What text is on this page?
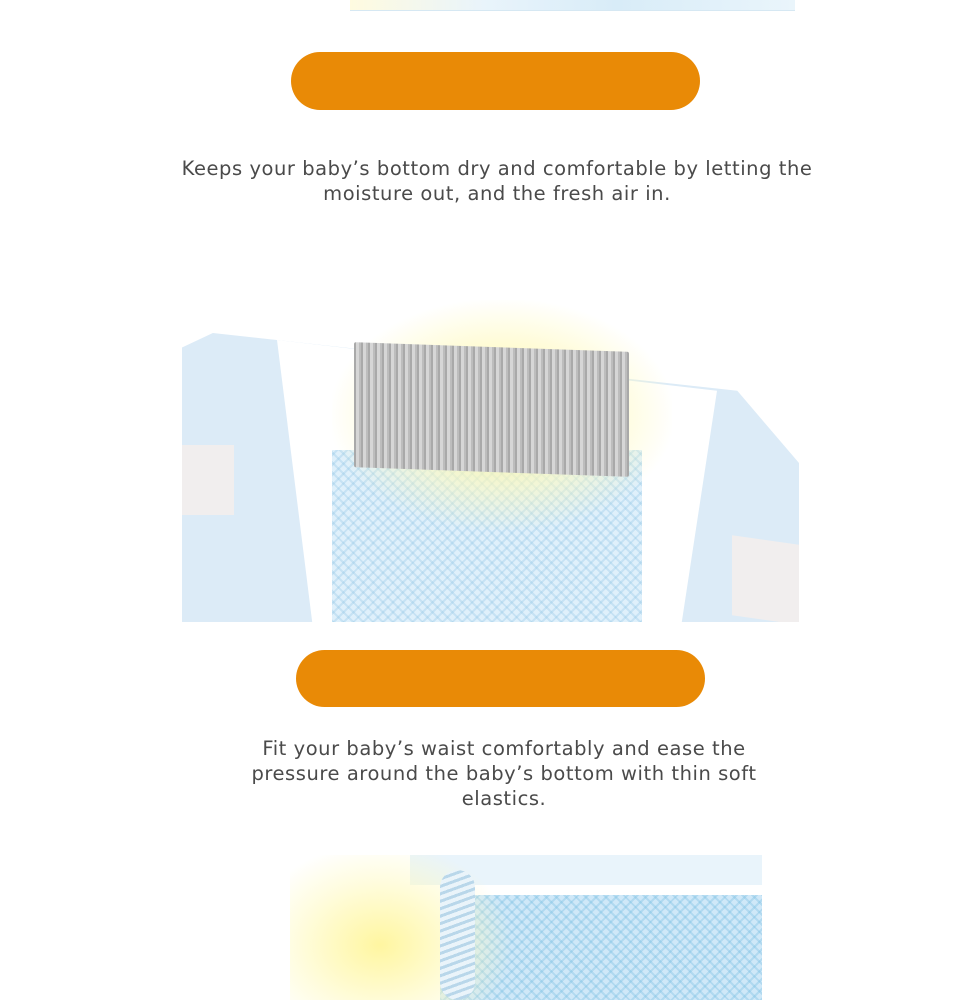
Keeps your baby’s bottom dry and comfortable by letting the moisture out, and the fresh air in.
Fit your baby’s waist comfortably and ease the pressure around the baby’s bottom with thin soft elastics.
